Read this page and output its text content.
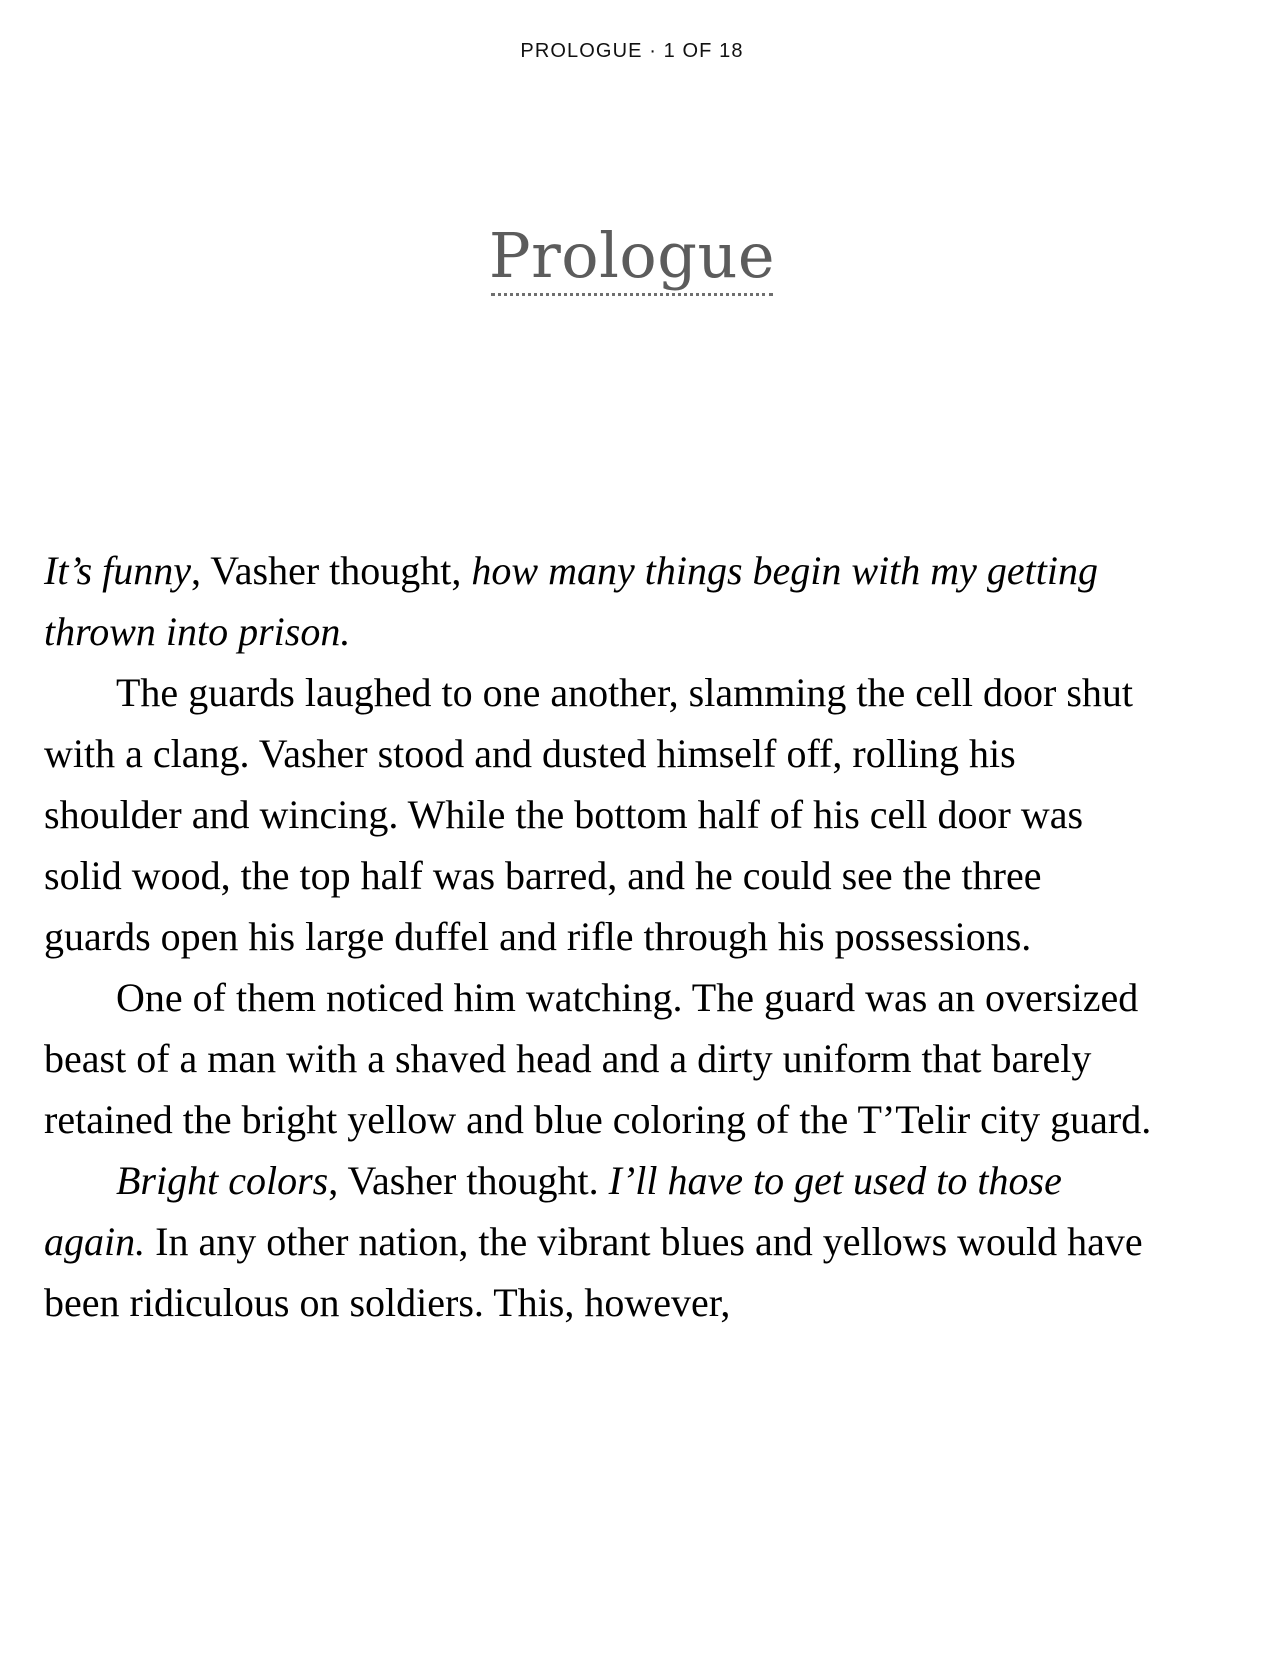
PROLOGUE · 1 OF 18
Prologue

It’s funny, Vasher thought, how many things begin with my getting thrown into prison.

The guards laughed to one another, slamming the cell door shut with a clang. Vasher stood and dusted himself off, rolling his shoulder and wincing. While the bottom half of his cell door was solid wood, the top half was barred, and he could see the three guards open his large duffel and rifle through his possessions.

One of them noticed him watching. The guard was an oversized beast of a man with a shaved head and a dirty uniform that barely retained the bright yellow and blue coloring of the T’Telir city guard.

Bright colors, Vasher thought. I’ll have to get used to those again. In any other nation, the vibrant blues and yellows would have been ridiculous on soldiers. This, however,
